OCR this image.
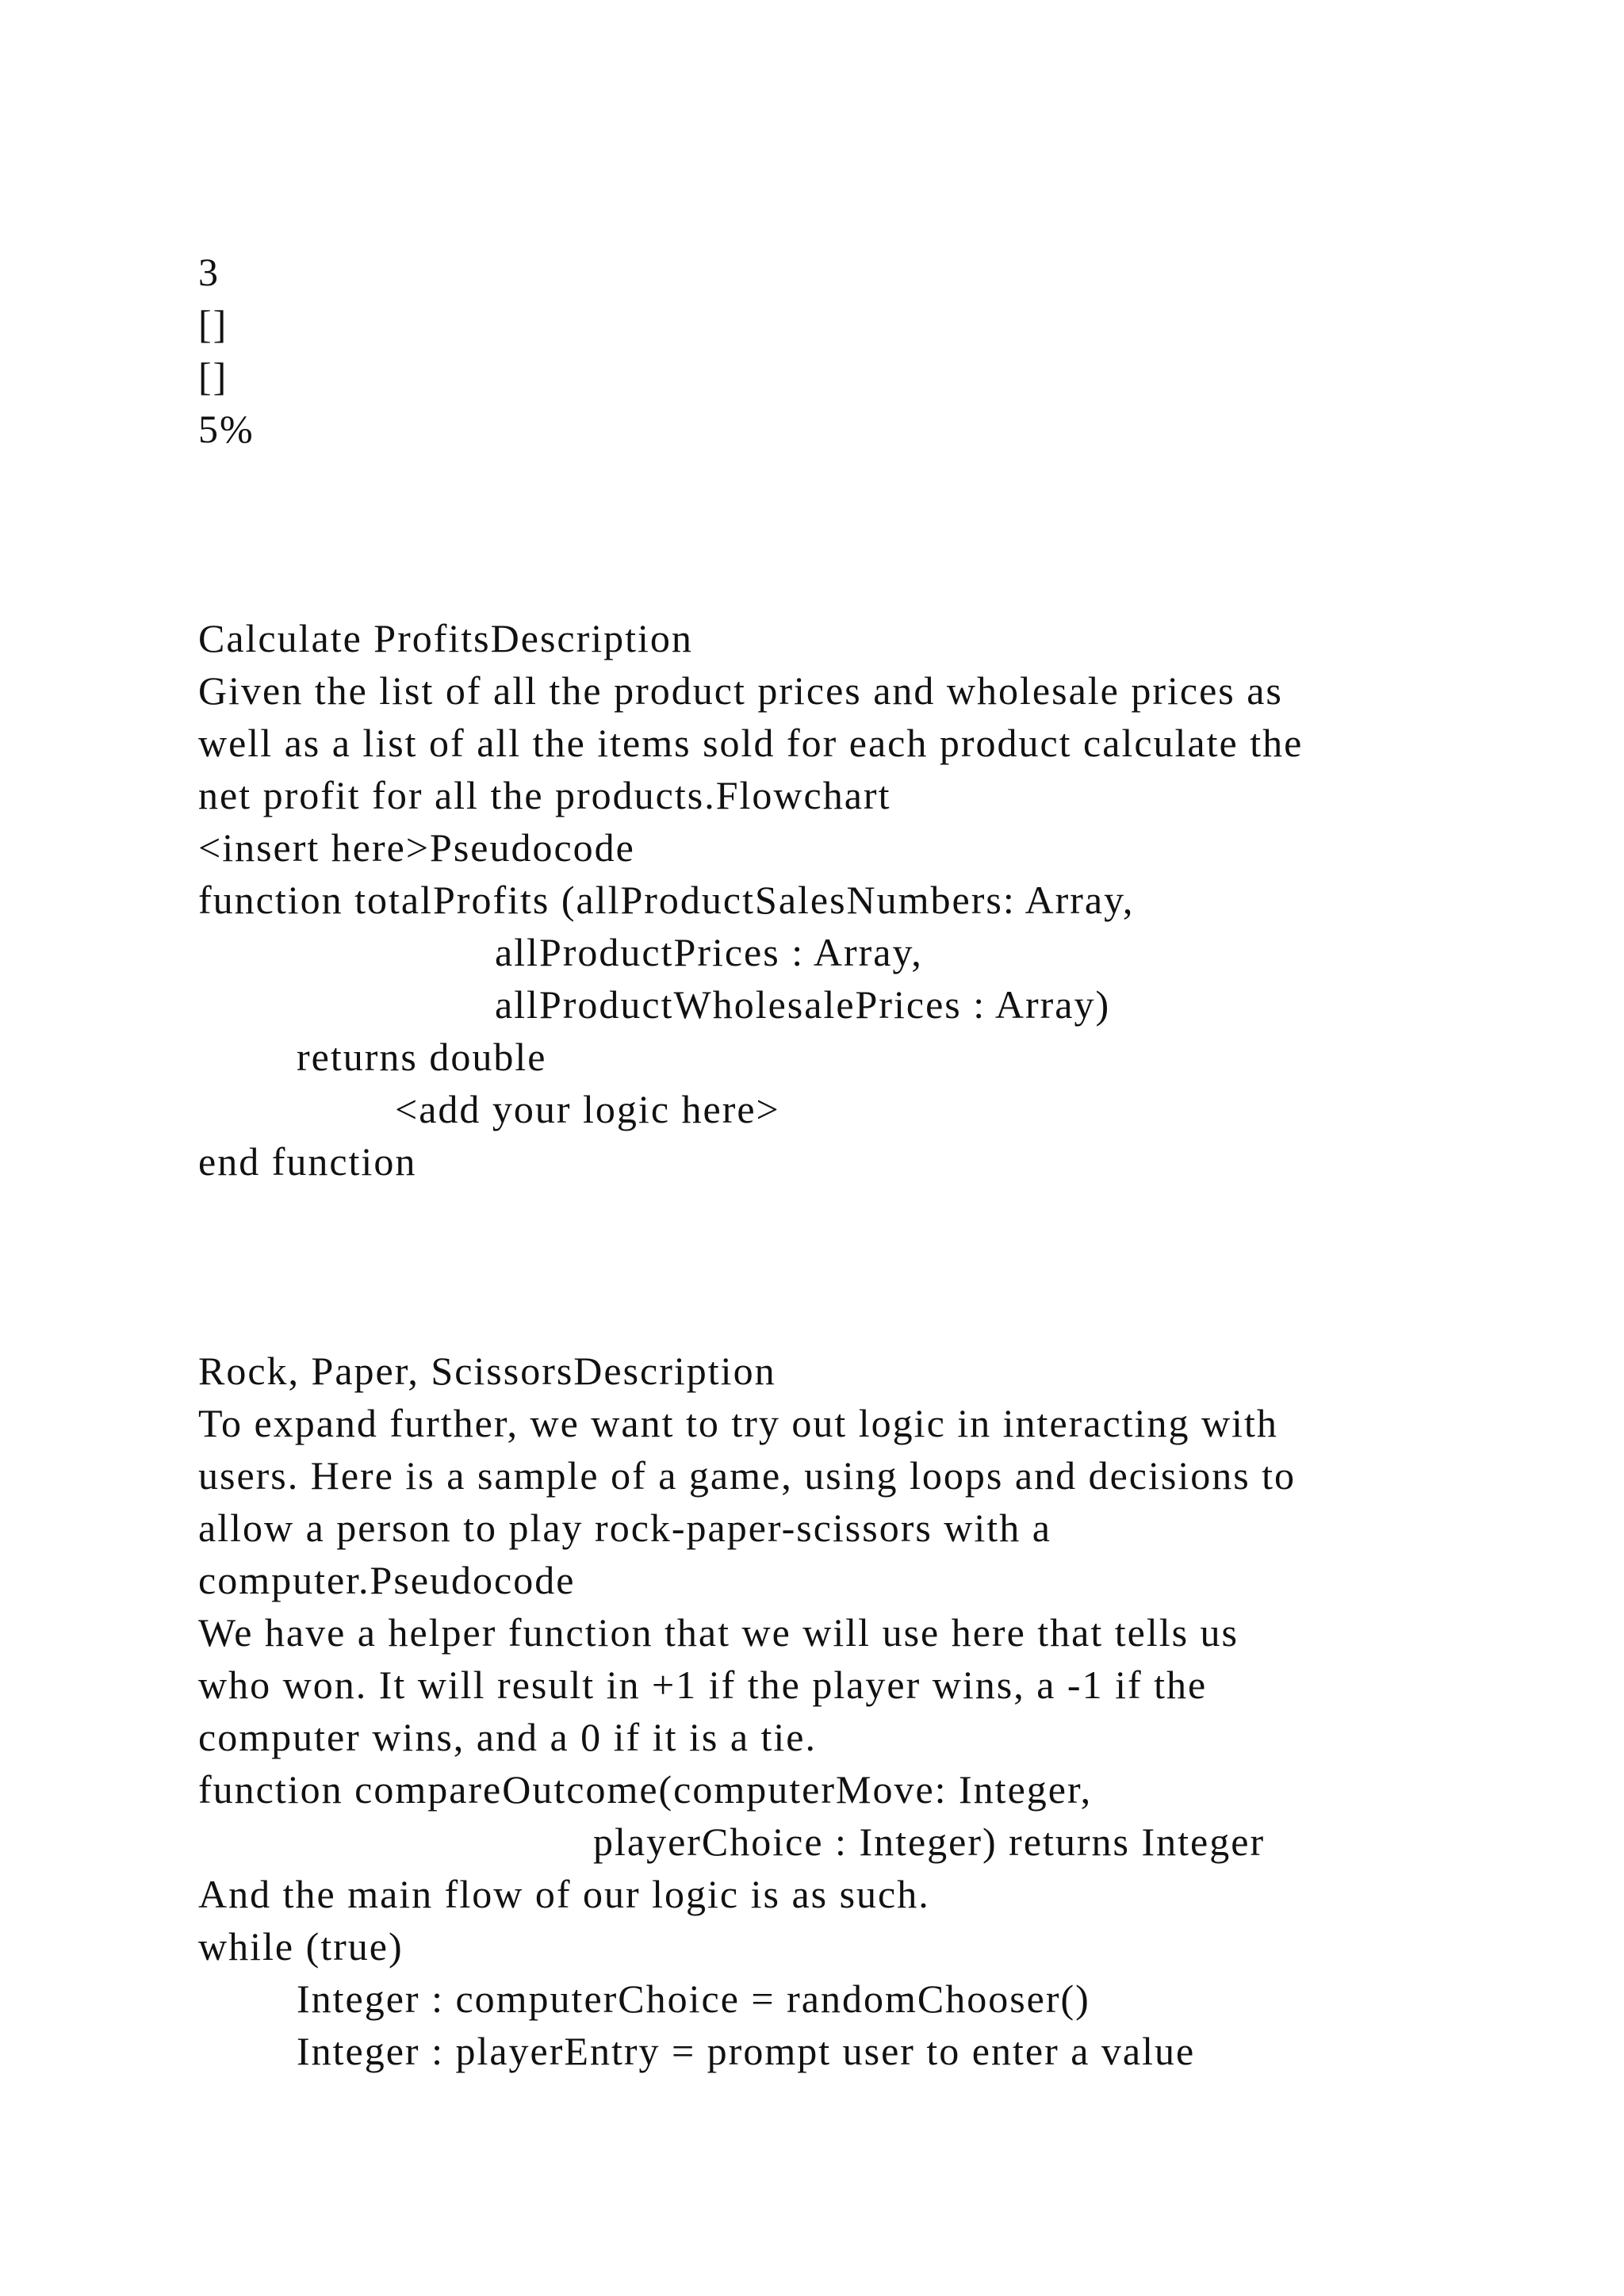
3
[]
[]
5%
Calculate ProfitsDescription
Given the list of all the product prices and wholesale prices as
well as a list of all the items sold for each product calculate the
net profit for all the products.Flowchart
<insert here>Pseudocode
function totalProfits (allProductSalesNumbers: Array,
allProductPrices : Array,
allProductWholesalePrices : Array)
returns double
<add your logic here>
end function
Rock, Paper, ScissorsDescription
To expand further, we want to try out logic in interacting with
users. Here is a sample of a game, using loops and decisions to
allow a person to play rock-paper-scissors with a
computer.Pseudocode
We have a helper function that we will use here that tells us
who won. It will result in +1 if the player wins, a -1 if the
computer wins, and a 0 if it is a tie.
function compareOutcome(computerMove: Integer,
playerChoice : Integer) returns Integer
And the main flow of our logic is as such.
while (true)
Integer : computerChoice = randomChooser()
Integer : playerEntry = prompt user to enter a value
